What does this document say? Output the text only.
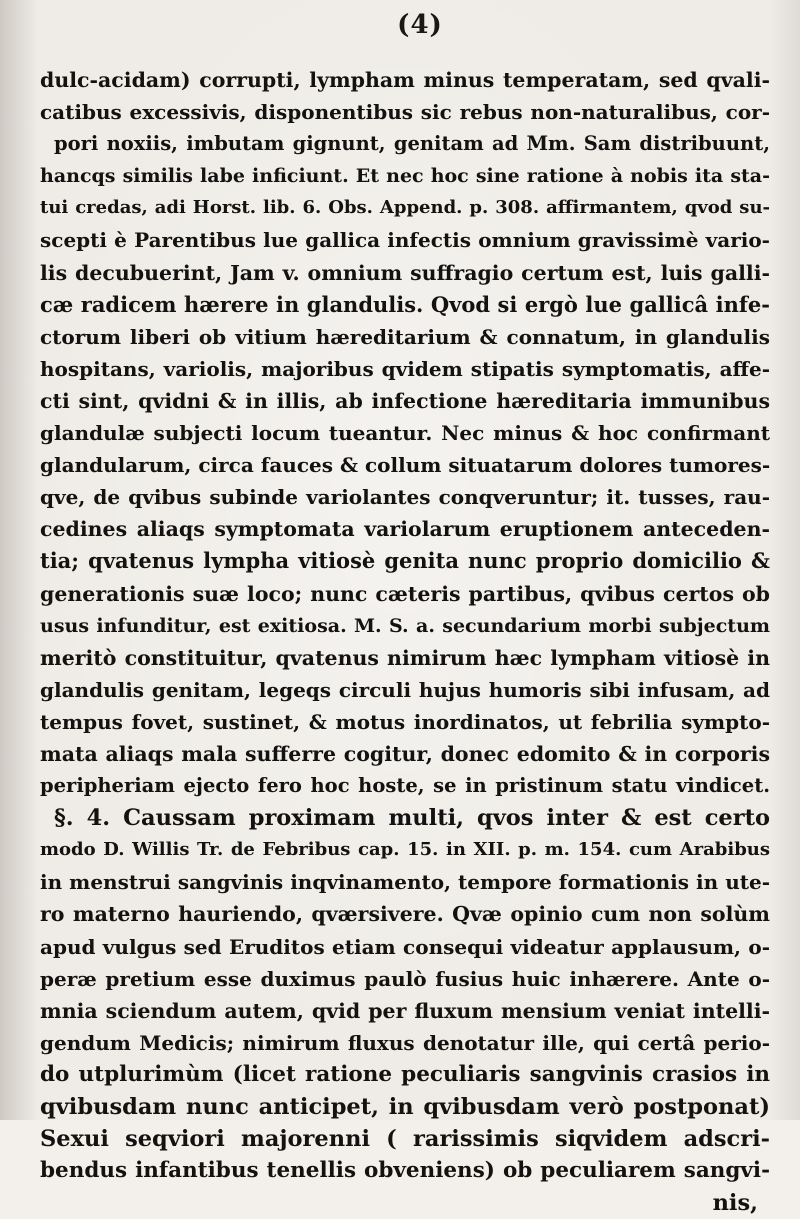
(4)
dulc-acidam) corrupti, lympham minus temperatam, sed qvali-
catibus excessivis, disponentibus sic rebus non-naturalibus, cor-
pori noxiis, imbutam gignunt, genitam ad Mm. Sam distribuunt,
hancqs similis labe inficiunt. Et nec hoc sine ratione à nobis ita sta-
tui credas, adi Horst. lib. 6. Obs. Append. p. 308. affirmantem, qvod su-
scepti è Parentibus lue gallica infectis omnium gravissimè vario-
lis decubuerint, Jam v. omnium suffragio certum est, luis galli-
cæ radicem hærere in glandulis. Qvod si ergò lue gallicâ infe-
ctorum liberi ob vitium hæreditarium & connatum, in glandulis
hospitans, variolis, majoribus qvidem stipatis symptomatis, affe-
cti sint, qvidni & in illis, ab infectione hæreditaria immunibus
glandulæ subjecti locum tueantur. Nec minus & hoc confirmant
glandularum, circa fauces & collum situatarum dolores tumores-
qve, de qvibus subinde variolantes conqveruntur; it. tusses, rau-
cedines aliaqs symptomata variolarum eruptionem anteceden-
tia; qvatenus lympha vitiosè genita nunc proprio domicilio &
generationis suæ loco; nunc cæteris partibus, qvibus certos ob
usus infunditur, est exitiosa. M. S. a. secundarium morbi subjectum
meritò constituitur, qvatenus nimirum hæc lympham vitiosè in
glandulis genitam, legeqs circuli hujus humoris sibi infusam, ad
tempus fovet, sustinet, & motus inordinatos, ut febrilia sympto-
mata aliaqs mala sufferre cogitur, donec edomito & in corporis
peripheriam ejecto fero hoc hoste, se in pristinum statu vindicet.
§. 4. Caussam proximam multi, qvos inter & est certo
modo D. Willis Tr. de Febribus cap. 15. in XII. p. m. 154. cum Arabibus
in menstrui sangvinis inqvinamento, tempore formationis in ute-
ro materno hauriendo, qværsivere. Qvæ opinio cum non solùm
apud vulgus sed Eruditos etiam consequi videatur applausum, o-
peræ pretium esse duximus paulò fusius huic inhærere. Ante o-
mnia sciendum autem, qvid per fluxum mensium veniat intelli-
gendum Medicis; nimirum fluxus denotatur ille, qui certâ perio-
do utplurimùm (licet ratione peculiaris sangvinis crasios in
qvibusdam nunc anticipet, in qvibusdam verò postponat)
Sexui seqviori majorenni ( rarissimis siqvidem adscri-
bendus infantibus tenellis obveniens) ob peculiarem sangvi-
nis,
